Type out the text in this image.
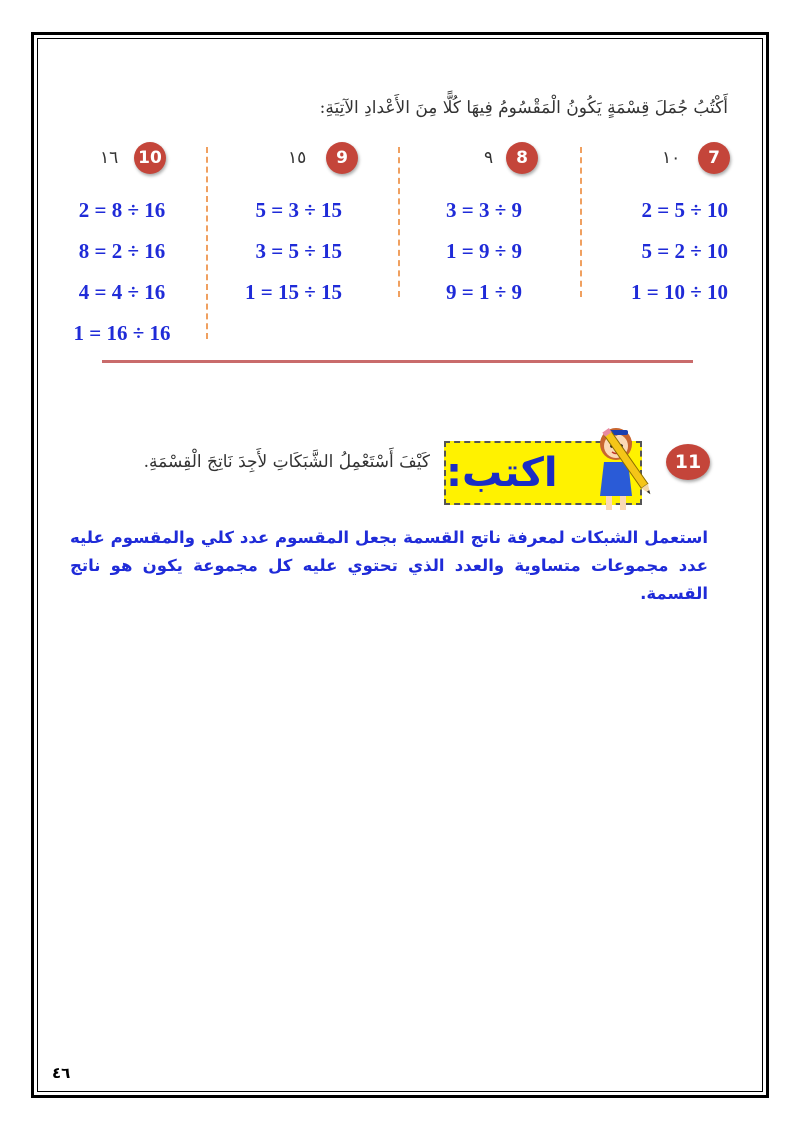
أَكْتُبُ جُمَلَ قِسْمَةٍ يَكُونُ الْمَقْسُومُ فِيهَا كُلًّا مِنَ الأَعْدادِ الآتِيَةِ:
7
١٠
2 = 5 ÷ 10
5 = 2 ÷ 10
1 = 10 ÷ 10
8
٩
3 = 3 ÷ 9
1 = 9 ÷ 9
9 = 1 ÷ 9
9
١٥
5 = 3 ÷ 15
3 = 5 ÷ 15
1 = 15 ÷ 15
10
١٦
2 = 8 ÷ 16
8 = 2 ÷ 16
4 = 4 ÷ 16
1 = 16 ÷ 16
11
اكتب:
كَيْفَ أَسْتَعْمِلُ الشَّبَكَاتِ لأَجِدَ نَاتِجَ الْقِسْمَةِ.
استعمل الشبكات لمعرفة ناتج القسمة بجعل المقسوم عدد كلي والمقسوم عليه عدد مجموعات متساوية والعدد الذي تحتوي عليه كل مجموعة يكون هو ناتج القسمة.
٤٦
